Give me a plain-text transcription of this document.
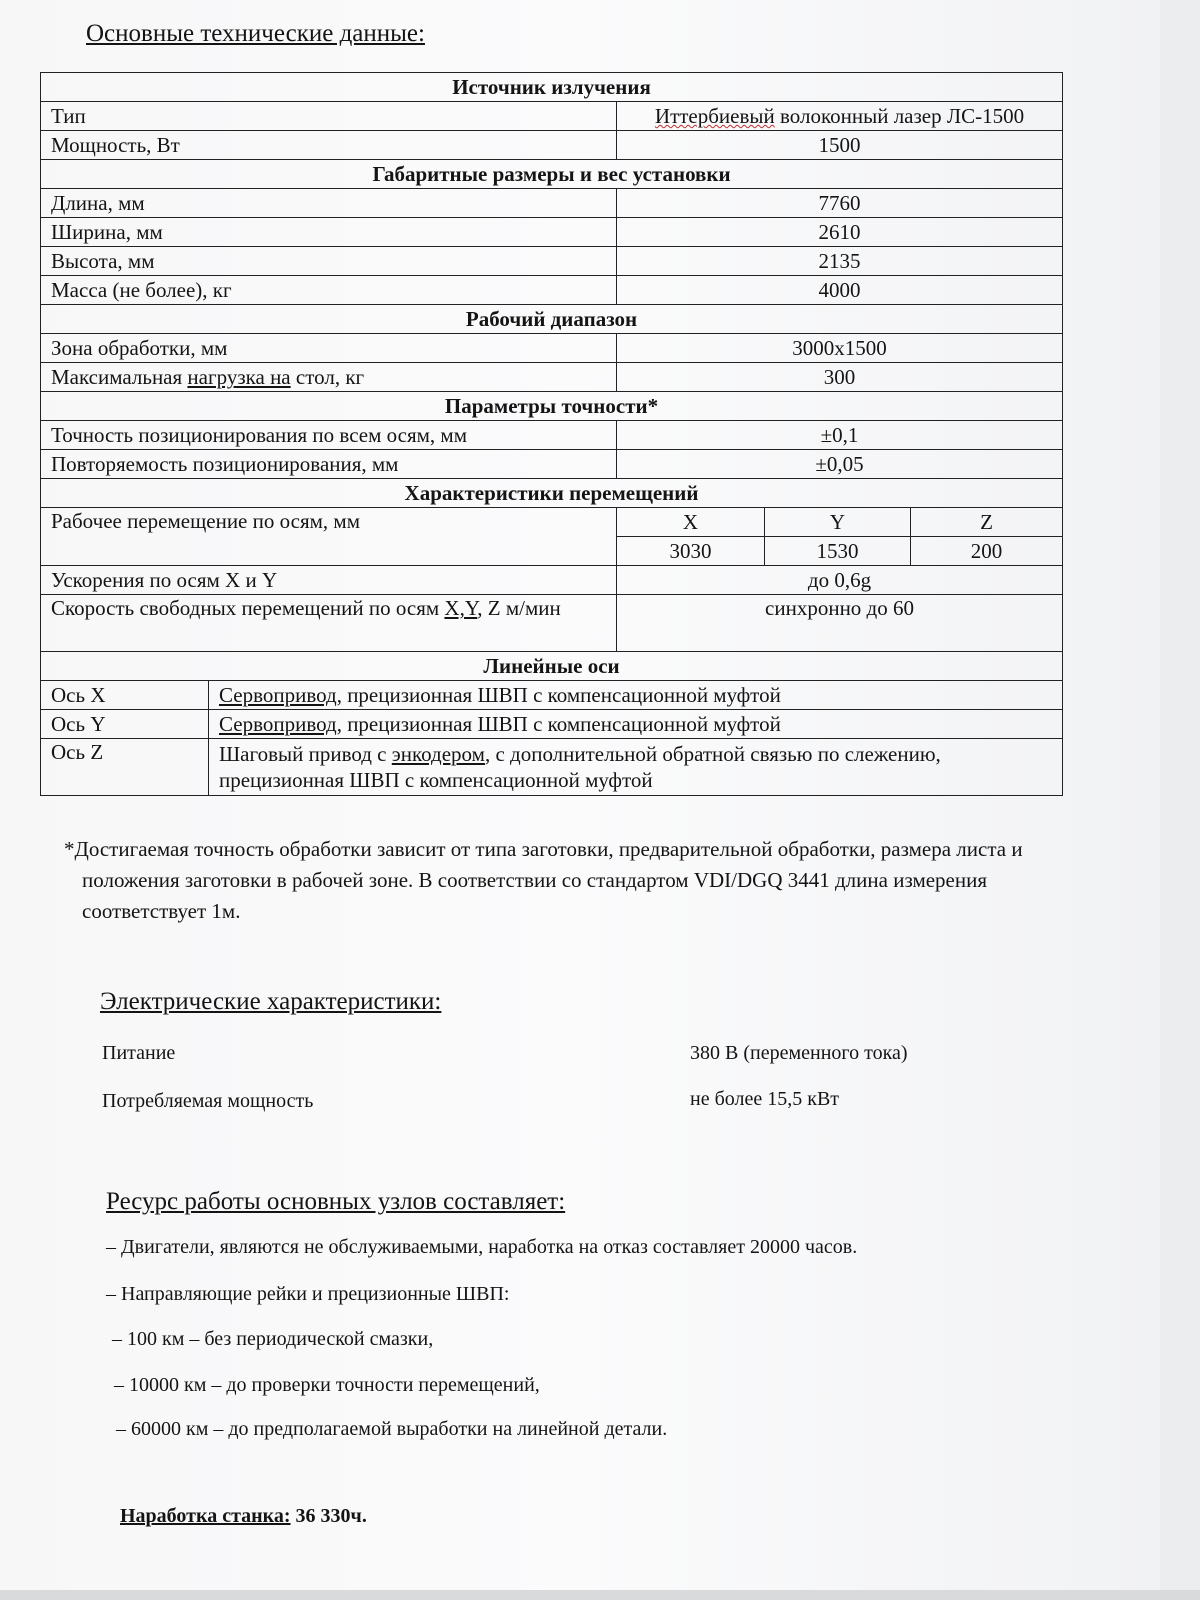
Основные технические данные:
Источник излучения				
Тип		Иттербиевый волоконный лазер ЛС-1500		
Мощность, Вт		1500		
Габаритные размеры и вес установки				
Длина, мм		7760		
Ширина, мм		2610		
Высота, мм		2135		
Масса (не более), кг		4000		
Рабочий диапазон				
Зона обработки, мм		3000x1500		
Максимальная нагрузка на стол, кг		300		
Параметры точности*				
Точность позиционирования по всем осям, мм		±0,1		
Повторяемость позиционирования, мм		±0,05		
Характеристики перемещений				
Рабочее перемещение по осям, мм		X	Y	Z
		3030	1530	200
Ускорения по осям X и Y		до 0,6g		
Скорость свободных перемещений по осям X,Y, Z м/мин		синхронно до 60		
Линейные оси				
Ось X	Сервопривод, прецизионная ШВП с компенсационной муфтой			
Ось Y	Сервопривод, прецизионная ШВП с компенсационной муфтой			
Ось Z	Шаговый привод с энкодером, с дополнительной обратной связью по слежению, прецизионная ШВП с компенсационной муфтой			

*Достигаемая точность обработки зависит от типа заготовки, предварительной обработки, размера листа и положения заготовки в рабочей зоне. В соответствии со стандартом VDI/DGQ 3441 длина измерения соответствует 1м.

Электрические характеристики:
Питание	380 В (переменного тока)
Потребляемая мощность	не более 15,5 кВт
Ресурс работы основных узлов составляет:
– Двигатели, являются не обслуживаемыми, наработка на отказ составляет 20000 часов.
– Направляющие рейки и прецизионные ШВП:
– 100 км – без периодической смазки,
– 10000 км – до проверки точности перемещений,
– 60000 км – до предполагаемой выработки на линейной детали.
Наработка станка: 36 330ч.
